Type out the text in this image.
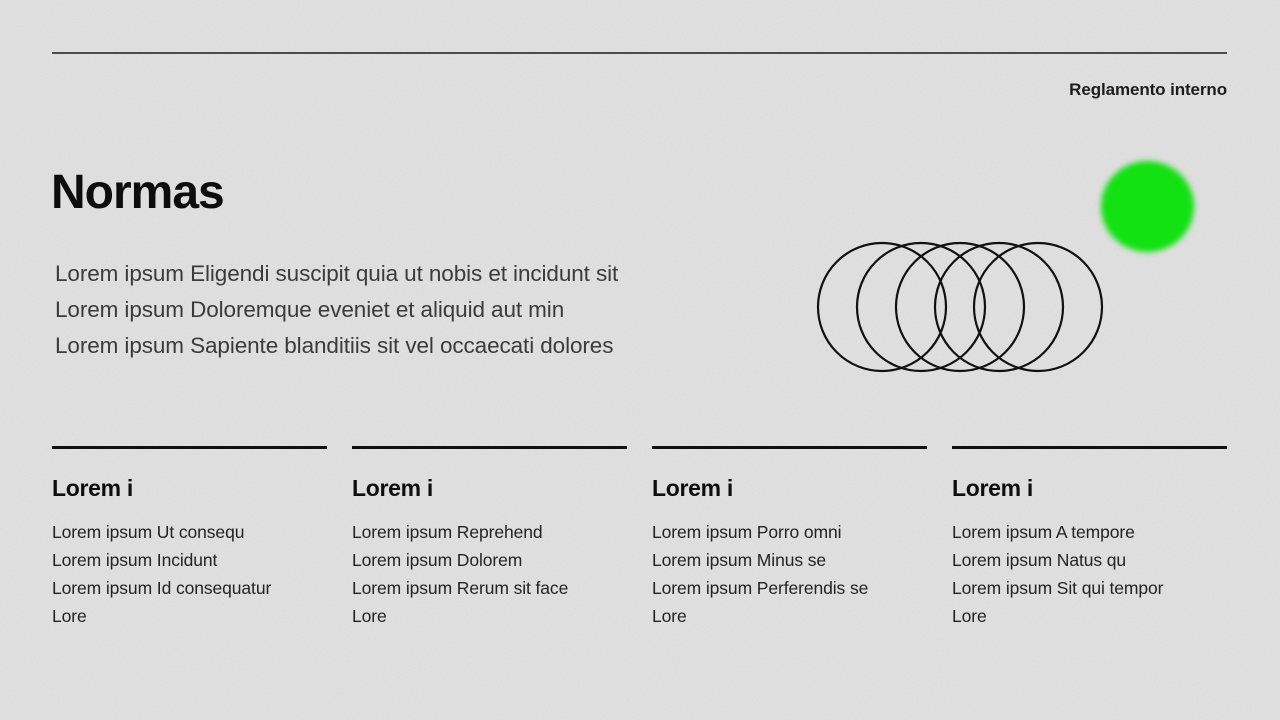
Reglamento interno
Normas
Lorem ipsum Eligendi suscipit quia ut nobis et incidunt sit
Lorem ipsum Doloremque eveniet et aliquid aut min
Lorem ipsum Sapiente blanditiis sit vel occaecati dolores
Lorem i
Lorem ipsum Ut consequ
Lorem ipsum Incidunt
Lorem ipsum Id consequatur
Lore
Lorem i
Lorem ipsum Reprehend
Lorem ipsum Dolorem
Lorem ipsum Rerum sit face
Lore
Lorem i
Lorem ipsum Porro omni
Lorem ipsum Minus se
Lorem ipsum Perferendis se
Lore
Lorem i
Lorem ipsum A tempore
Lorem ipsum Natus qu
Lorem ipsum Sit qui tempor
Lore
